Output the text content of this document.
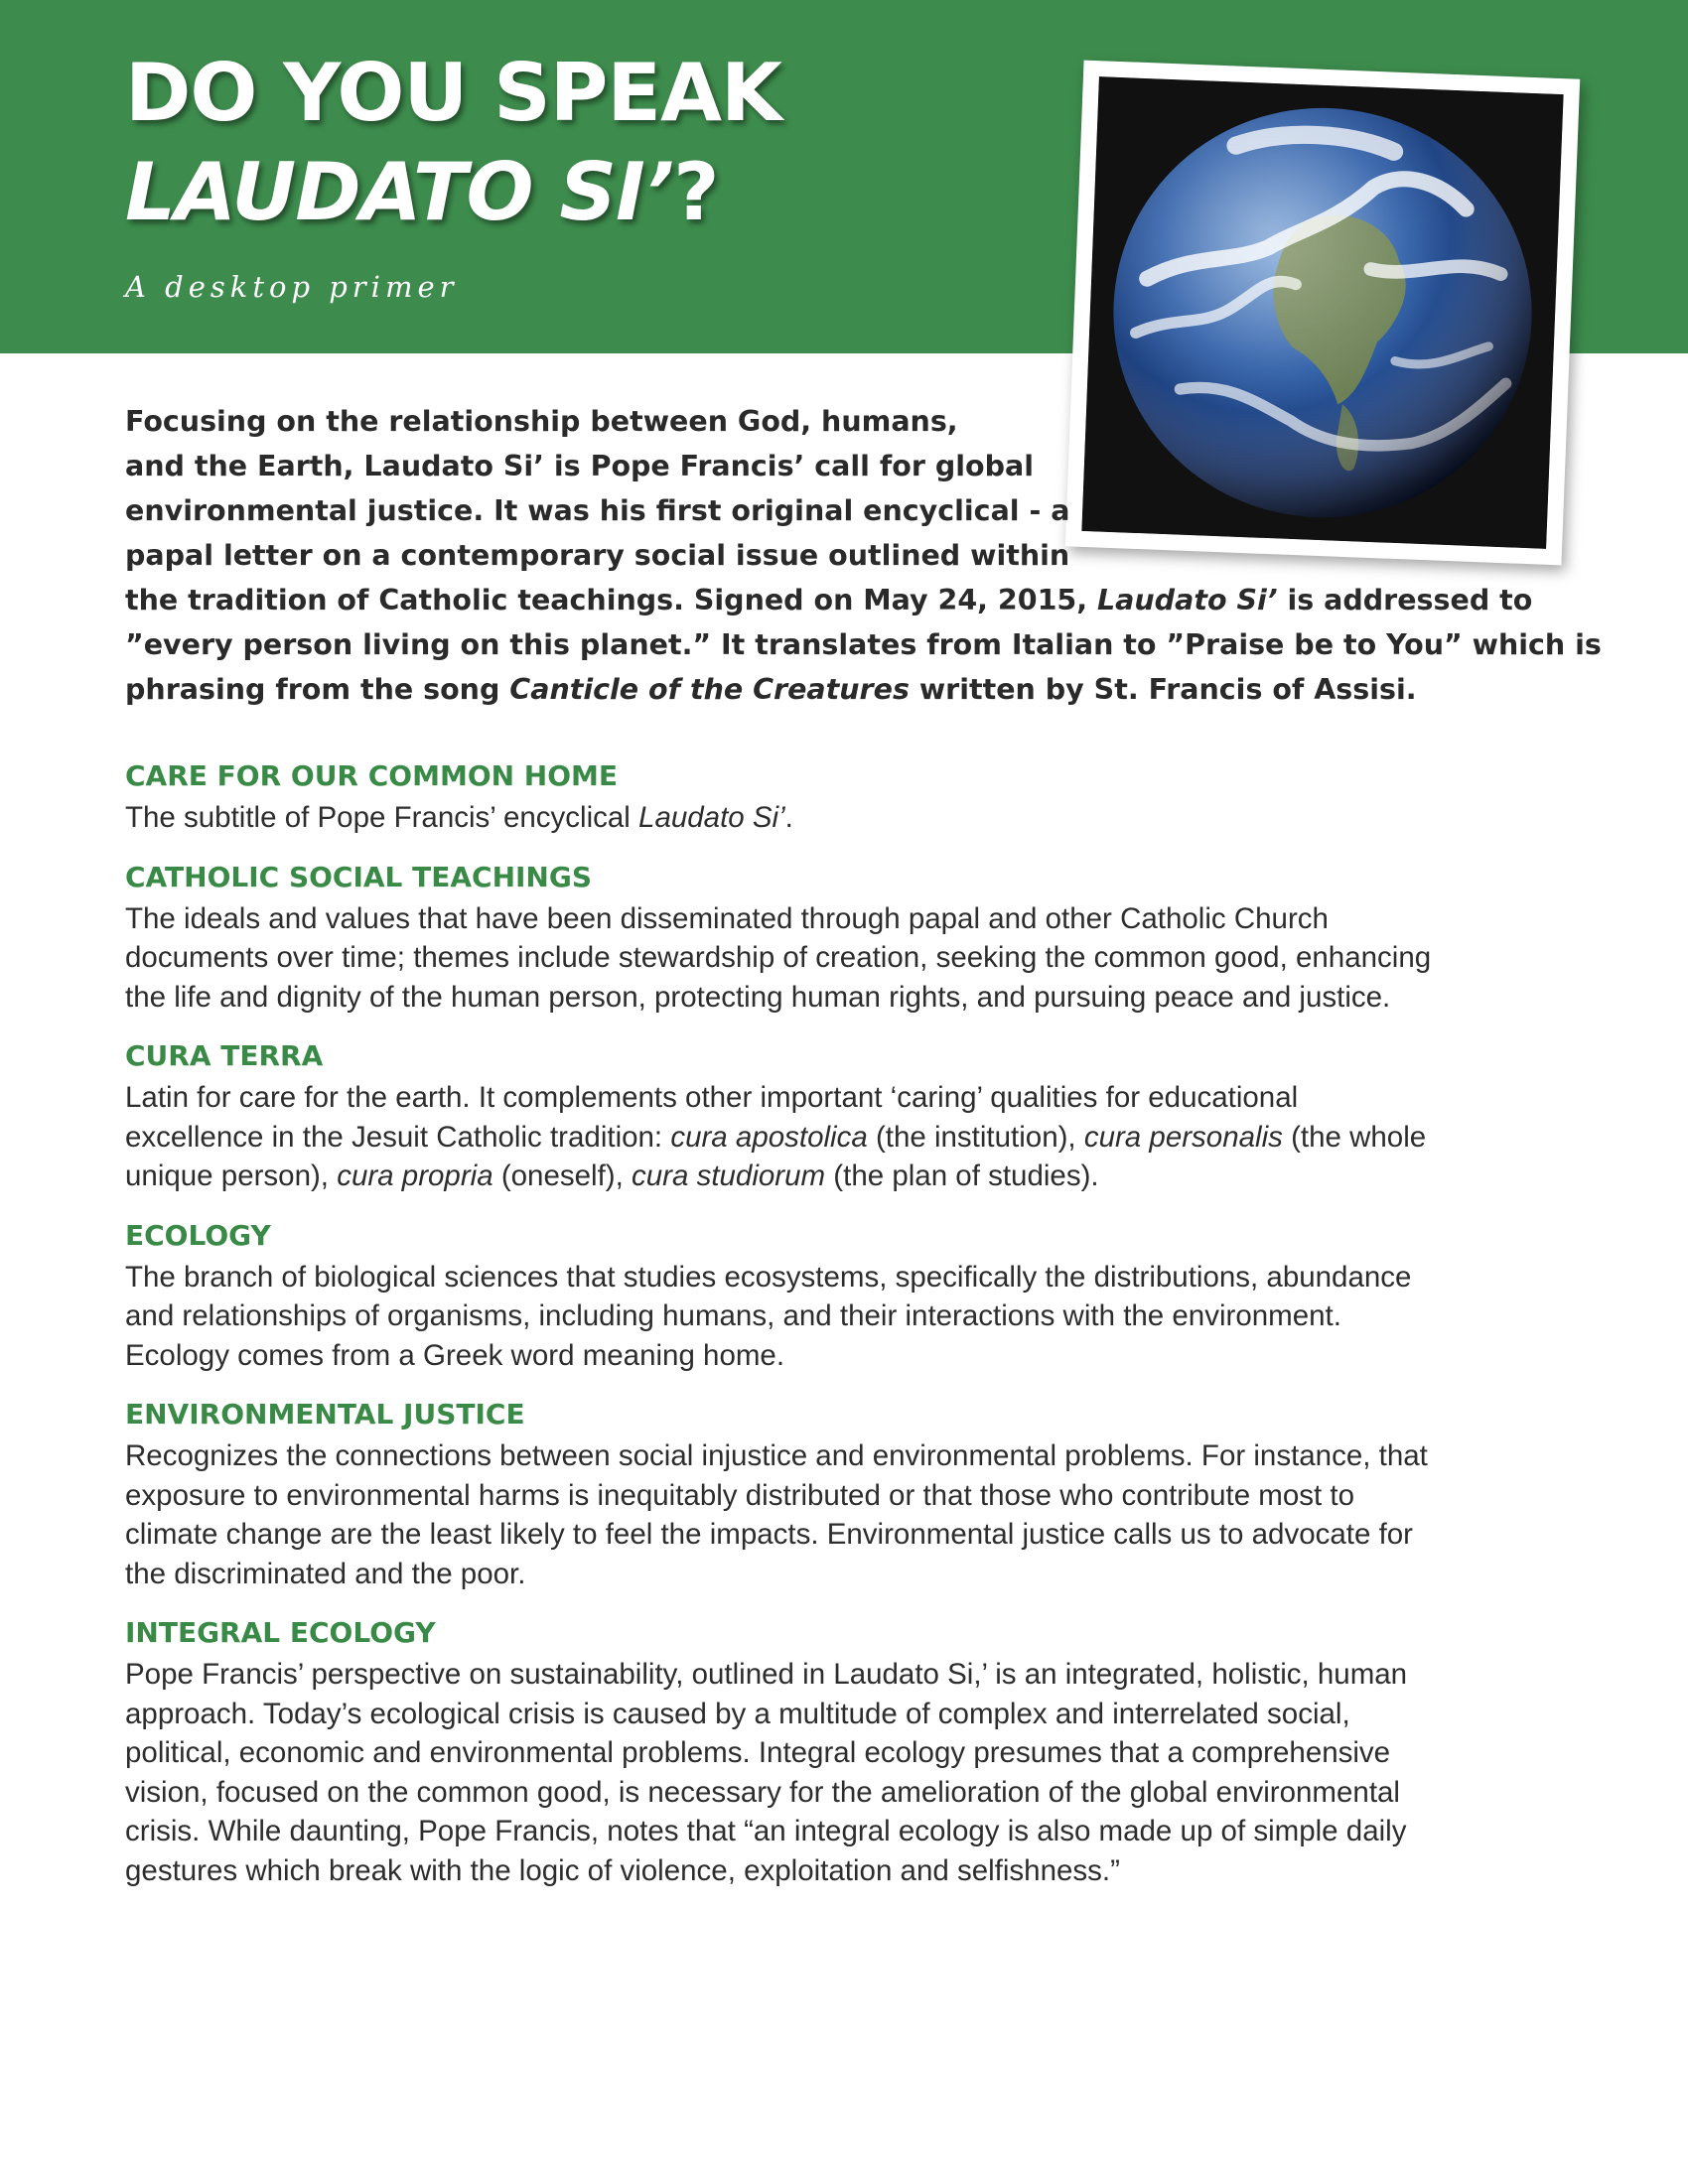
DO YOU SPEAK
LAUDATO SI’?
A desktop primer

Focusing on the relationship between God, humans,
and the Earth, Laudato Si’ is Pope Francis’ call for global
environmental justice. It was his first original encyclical - a
papal letter on a contemporary social issue outlined within
the tradition of Catholic teachings. Signed on May 24, 2015, Laudato Si’ is addressed to
”every person living on this planet.” It translates from Italian to ”Praise be to You” which is
phrasing from the song Canticle of the Creatures written by St. Francis of Assisi.

CARE FOR OUR COMMON HOME

The subtitle of Pope Francis’ encyclical Laudato Si’.

CATHOLIC SOCIAL TEACHINGS

The ideals and values that have been disseminated through papal and other Catholic Church
documents over time; themes include stewardship of creation, seeking the common good, enhancing
the life and dignity of the human person, protecting human rights, and pursuing peace and justice.

CURA TERRA

Latin for care for the earth. It complements other important ‘caring’ qualities for educational
excellence in the Jesuit Catholic tradition: cura apostolica (the institution), cura personalis (the whole
unique person), cura propria (oneself), cura studiorum (the plan of studies).

ECOLOGY

The branch of biological sciences that studies ecosystems, specifically the distributions, abundance
and relationships of organisms, including humans, and their interactions with the environment.
Ecology comes from a Greek word meaning home.

ENVIRONMENTAL JUSTICE

Recognizes the connections between social injustice and environmental problems. For instance, that
exposure to environmental harms is inequitably distributed or that those who contribute most to
climate change are the least likely to feel the impacts. Environmental justice calls us to advocate for
the discriminated and the poor.

INTEGRAL ECOLOGY

Pope Francis’ perspective on sustainability, outlined in Laudato Si,’ is an integrated, holistic, human
approach. Today’s ecological crisis is caused by a multitude of complex and interrelated social,
political, economic and environmental problems. Integral ecology presumes that a comprehensive
vision, focused on the common good, is necessary for the amelioration of the global environmental
crisis. While daunting, Pope Francis, notes that “an integral ecology is also made up of simple daily
gestures which break with the logic of violence, exploitation and selfishness.”
